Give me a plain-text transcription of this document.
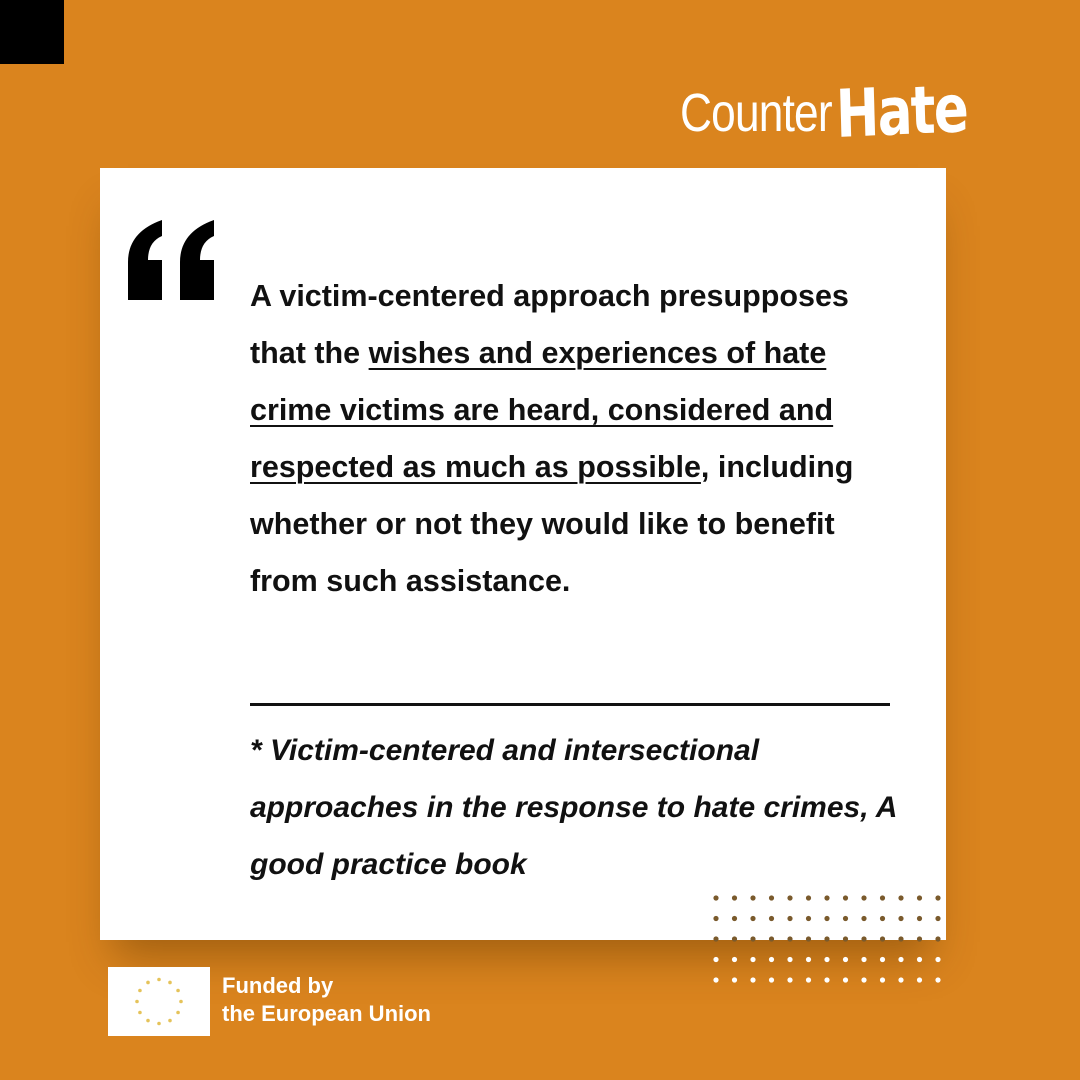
Counter Hate
A victim-centered approach presupposes that the wishes and experiences of hate crime victims are heard, considered and respected as much as possible, including whether or not they would like to benefit from such assistance.
* Victim-centered and intersectional approaches in the response to hate crimes, A good practice book
Funded by
the European Union
